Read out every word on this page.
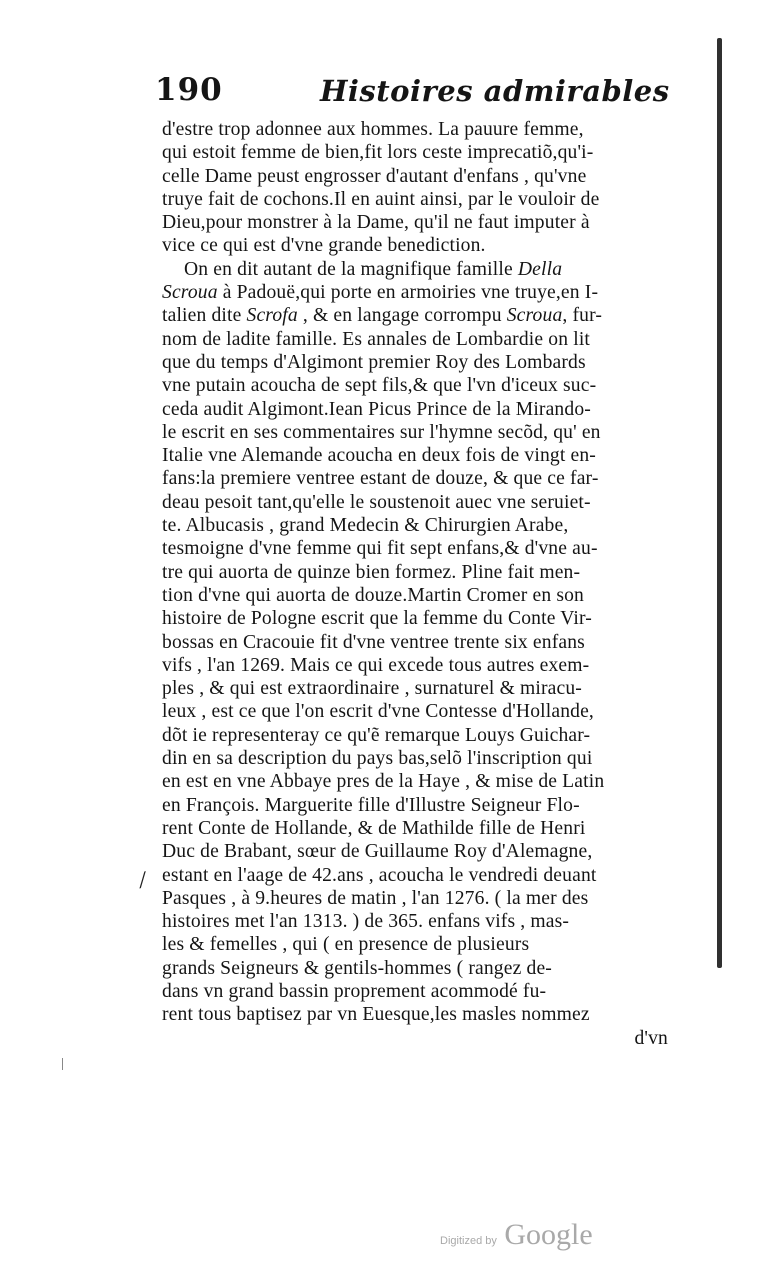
190	Histoires admirables
⁄
d'estre trop adonnee aux hommes. La pauure femme,
qui estoit femme de bien,fit lors ceste imprecatiõ,qu'i-
celle Dame peust engrosser d'autant d'enfans , qu'vne
truye fait de cochons.Il en auint ainsi, par le vouloir de
Dieu,pour monstrer à la Dame, qu'il ne faut imputer à
vice ce qui est d'vne grande benediction.
On en dit autant de la magnifique famille Della
Scroua à Padouë,qui porte en armoiries vne truye,en I-
talien dite Scrofa , & en langage corrompu Scroua, fur-
nom de ladite famille. Es annales de Lombardie on lit
que du temps d'Algimont premier Roy des Lombards
vne putain acoucha de sept fils,& que l'vn d'iceux suc-
ceda audit Algimont.Iean Picus Prince de la Mirando-
le escrit en ses commentaires sur l'hymne secõd, qu' en
Italie vne Alemande acoucha en deux fois de vingt en-
fans:la premiere ventree estant de douze, & que ce far-
deau pesoit tant,qu'elle le soustenoit auec vne seruiet-
te. Albucasis , grand Medecin & Chirurgien Arabe,
tesmoigne d'vne femme qui fit sept enfans,& d'vne au-
tre qui auorta de quinze bien formez. Pline fait men-
tion d'vne qui auorta de douze.Martin Cromer en son
histoire de Pologne escrit que la femme du Conte Vir-
bossas en Cracouie fit d'vne ventree trente six enfans
vifs , l'an 1269. Mais ce qui excede tous autres exem-
ples , & qui est extraordinaire , surnaturel & miracu-
leux , est ce que l'on escrit d'vne Contesse d'Hollande,
dõt ie representeray ce qu'ẽ remarque Louys Guichar-
din en sa description du pays bas,selõ l'inscription qui
en est en vne Abbaye pres de la Haye , & mise de Latin
en François. Marguerite fille d'Illustre Seigneur Flo-
rent Conte de Hollande, & de Mathilde fille de Henri
Duc de Brabant, sœur de Guillaume Roy d'Alemagne,
estant en l'aage de 42.ans , acoucha le vendredi deuant
Pasques , à 9.heures de matin , l'an 1276. ( la mer des
histoires met l'an 1313. ) de 365. enfans vifs , mas-
les & femelles , qui ( en presence de plusieurs
grands Seigneurs & gentils-hommes ( rangez de-
dans vn grand bassin proprement acommodé fu-
rent tous baptisez par vn Euesque,les masles nommez
d'vn
Digitized by Google
